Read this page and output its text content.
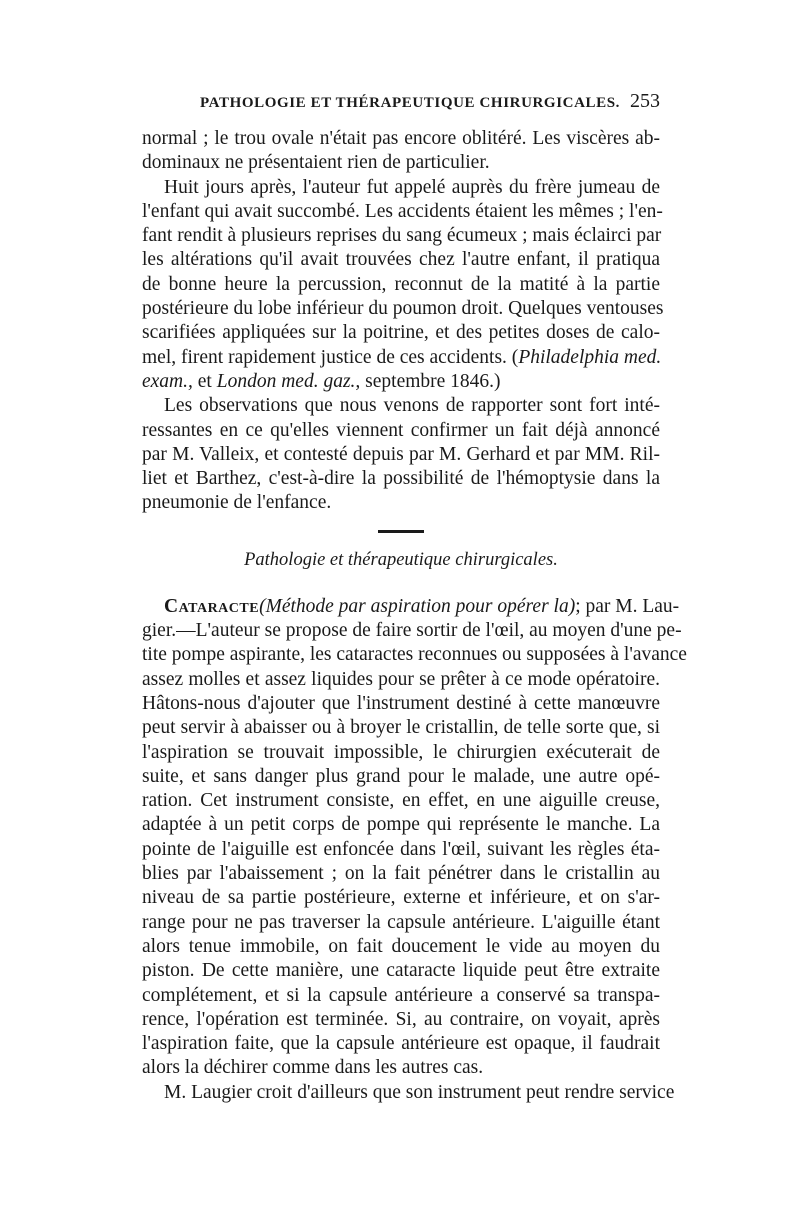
PATHOLOGIE ET THÉRAPEUTIQUE CHIRURGICALES. 253
normal ; le trou ovale n'était pas encore oblitéré. Les viscères ab-
dominaux ne présentaient rien de particulier.
Huit jours après, l'auteur fut appelé auprès du frère jumeau de
l'enfant qui avait succombé. Les accidents étaient les mêmes ; l'en-
fant rendit à plusieurs reprises du sang écumeux ; mais éclairci par
les altérations qu'il avait trouvées chez l'autre enfant, il pratiqua
de bonne heure la percussion, reconnut de la matité à la partie
postérieure du lobe inférieur du poumon droit. Quelques ventouses
scarifiées appliquées sur la poitrine, et des petites doses de calo-
mel, firent rapidement justice de ces accidents. (Philadelphia med.
exam., et London med. gaz., septembre 1846.)
Les observations que nous venons de rapporter sont fort inté-
ressantes en ce qu'elles viennent confirmer un fait déjà annoncé
par M. Valleix, et contesté depuis par M. Gerhard et par MM. Ril-
liet et Barthez, c'est-à-dire la possibilité de l'hémoptysie dans la
pneumonie de l'enfance.
Pathologie et thérapeutique chirurgicales.
Cataracte(Méthode par aspiration pour opérer la); par M. Lau-
gier.—L'auteur se propose de faire sortir de l'œil, au moyen d'une pe-
tite pompe aspirante, les cataractes reconnues ou supposées à l'avance
assez molles et assez liquides pour se prêter à ce mode opératoire.
Hâtons-nous d'ajouter que l'instrument destiné à cette manœuvre
peut servir à abaisser ou à broyer le cristallin, de telle sorte que, si
l'aspiration se trouvait impossible, le chirurgien exécuterait de
suite, et sans danger plus grand pour le malade, une autre opé-
ration. Cet instrument consiste, en effet, en une aiguille creuse,
adaptée à un petit corps de pompe qui représente le manche. La
pointe de l'aiguille est enfoncée dans l'œil, suivant les règles éta-
blies par l'abaissement ; on la fait pénétrer dans le cristallin au
niveau de sa partie postérieure, externe et inférieure, et on s'ar-
range pour ne pas traverser la capsule antérieure. L'aiguille étant
alors tenue immobile, on fait doucement le vide au moyen du
piston. De cette manière, une cataracte liquide peut être extraite
complétement, et si la capsule antérieure a conservé sa transpa-
rence, l'opération est terminée. Si, au contraire, on voyait, après
l'aspiration faite, que la capsule antérieure est opaque, il faudrait
alors la déchirer comme dans les autres cas.
M. Laugier croit d'ailleurs que son instrument peut rendre service
